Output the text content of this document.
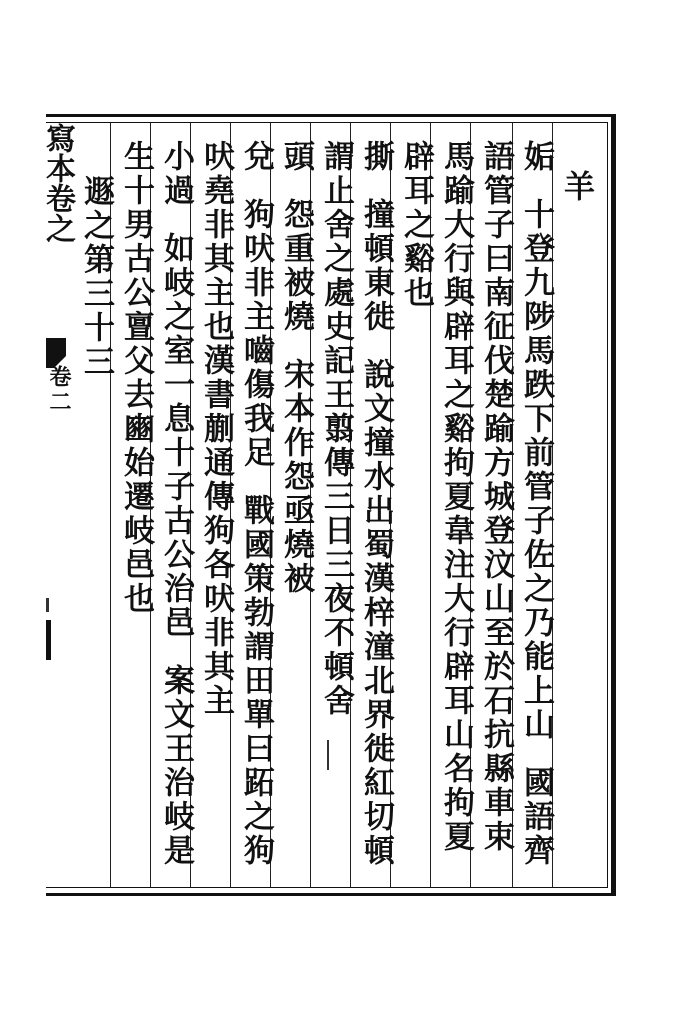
寫本卷之
卷二
羊
姤十登九陟馬跌下前管子佐之乃能上山國語齊
語管子曰南征伐楚踰方城登汶山至於石抗縣車束
馬踰大行與辟耳之谿拘夏韋注大行辟耳山名拘夏
辟耳之谿也
撕撞頓東徙說文撞水出蜀漢梓潼北界徙紅切頓
謂止舍之處史記王翦傳三日三夜不頓舍
頭怨重被燒宋本作怨亟燒被
兌狗吠非主嚙傷我足戰國策勃謂田單曰跖之狗
吠堯非其主也漢書蒯通傳狗各吠非其主
小過如岐之室一息十子古公治邑案文王治岐是
生十男古公亶父去豳始遷岐邑也
遯之第三十三
